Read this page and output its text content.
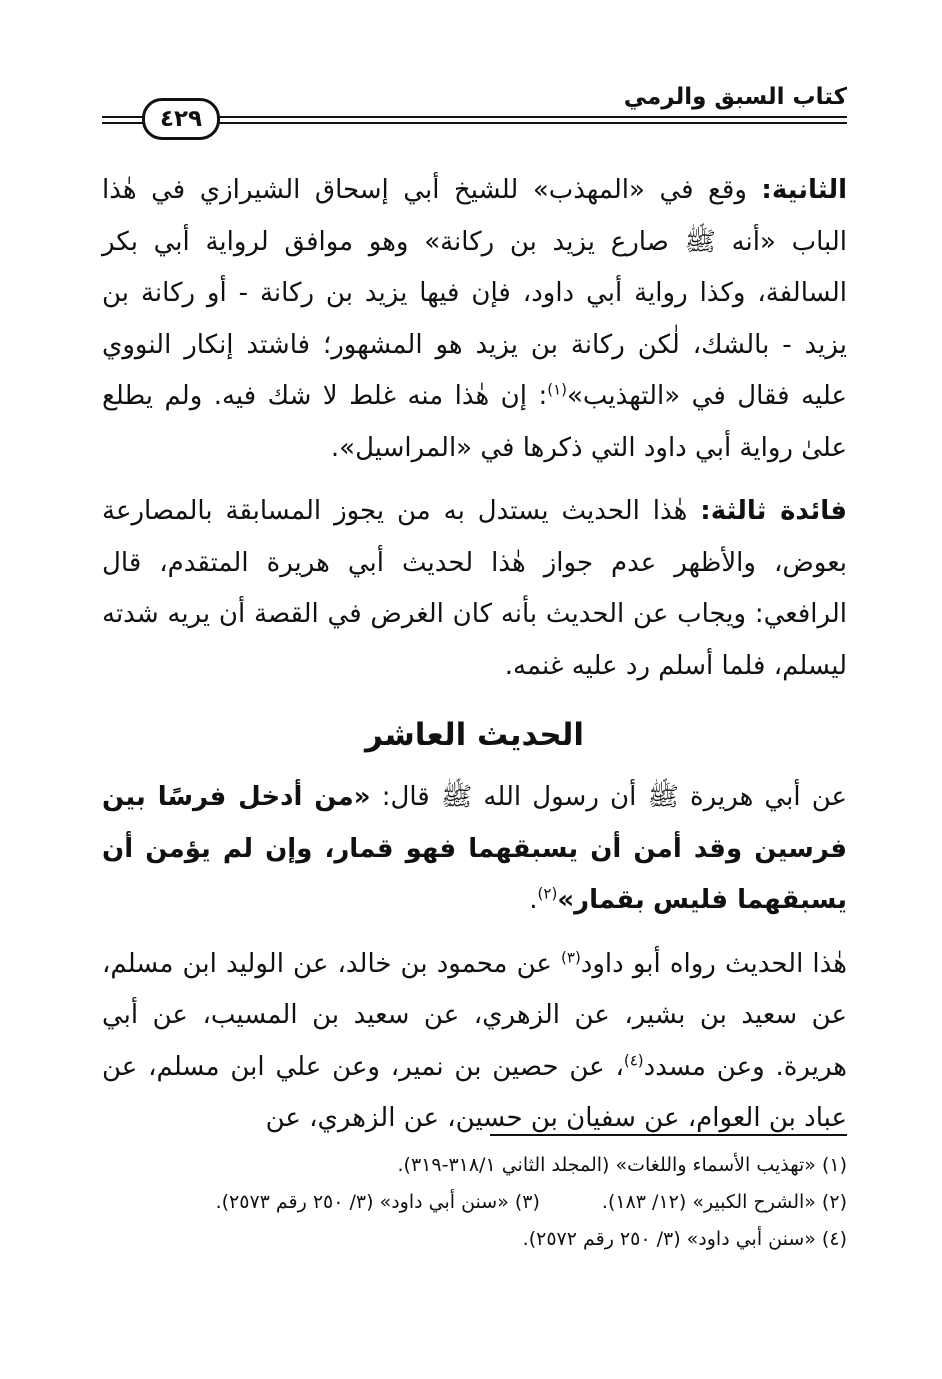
كتاب السبق والرمي
٤٢٩

الثانية: وقع في «المهذب» للشيخ أبي إسحاق الشيرازي في هٰذا الباب «أنه ﷺ صارع يزيد بن ركانة» وهو موافق لرواية أبي بكر السالفة، وكذا رواية أبي داود، فإن فيها يزيد بن ركانة - أو ركانة بن يزيد - بالشك، لٰكن ركانة بن يزيد هو المشهور؛ فاشتد إنكار النووي عليه فقال في «التهذيب»$^{(١)}$: إن هٰذا منه غلط لا شك فيه. ولم يطلع علىٰ رواية أبي داود التي ذكرها في «المراسيل».

فائدة ثالثة: هٰذا الحديث يستدل به من يجوز المسابقة بالمصارعة بعوض، والأظهر عدم جواز هٰذا لحديث أبي هريرة المتقدم، قال الرافعي: ويجاب عن الحديث بأنه كان الغرض في القصة أن يريه شدته ليسلم، فلما أسلم رد عليه غنمه.

الحديث العاشر

عن أبي هريرة ﷺ أن رسول الله ﷺ قال: «من أدخل فرسًا بين فرسين وقد أمن أن يسبقهما فهو قمار، وإن لم يؤمن أن يسبقهما فليس بقمار»$^{(٢)}$.

هٰذا الحديث رواه أبو داود$^{(٣)}$ عن محمود بن خالد، عن الوليد ابن مسلم، عن سعيد بن بشير، عن الزهري، عن سعيد بن المسيب، عن أبي هريرة. وعن مسدد$^{(٤)}$، عن حصين بن نمير، وعن علي ابن مسلم، عن عباد بن العوام، عن سفيان بن حسين، عن الزهري، عن

(١) «تهذيب الأسماء واللغات» (المجلد الثاني ٣١٨/١-٣١٩).
(٢) «الشرح الكبير» (١٢/ ١٨٣).(٣) «سنن أبي داود» (٣/ ٢٥٠ رقم ٢٥٧٣).
(٤) «سنن أبي داود» (٣/ ٢٥٠ رقم ٢٥٧٢).
